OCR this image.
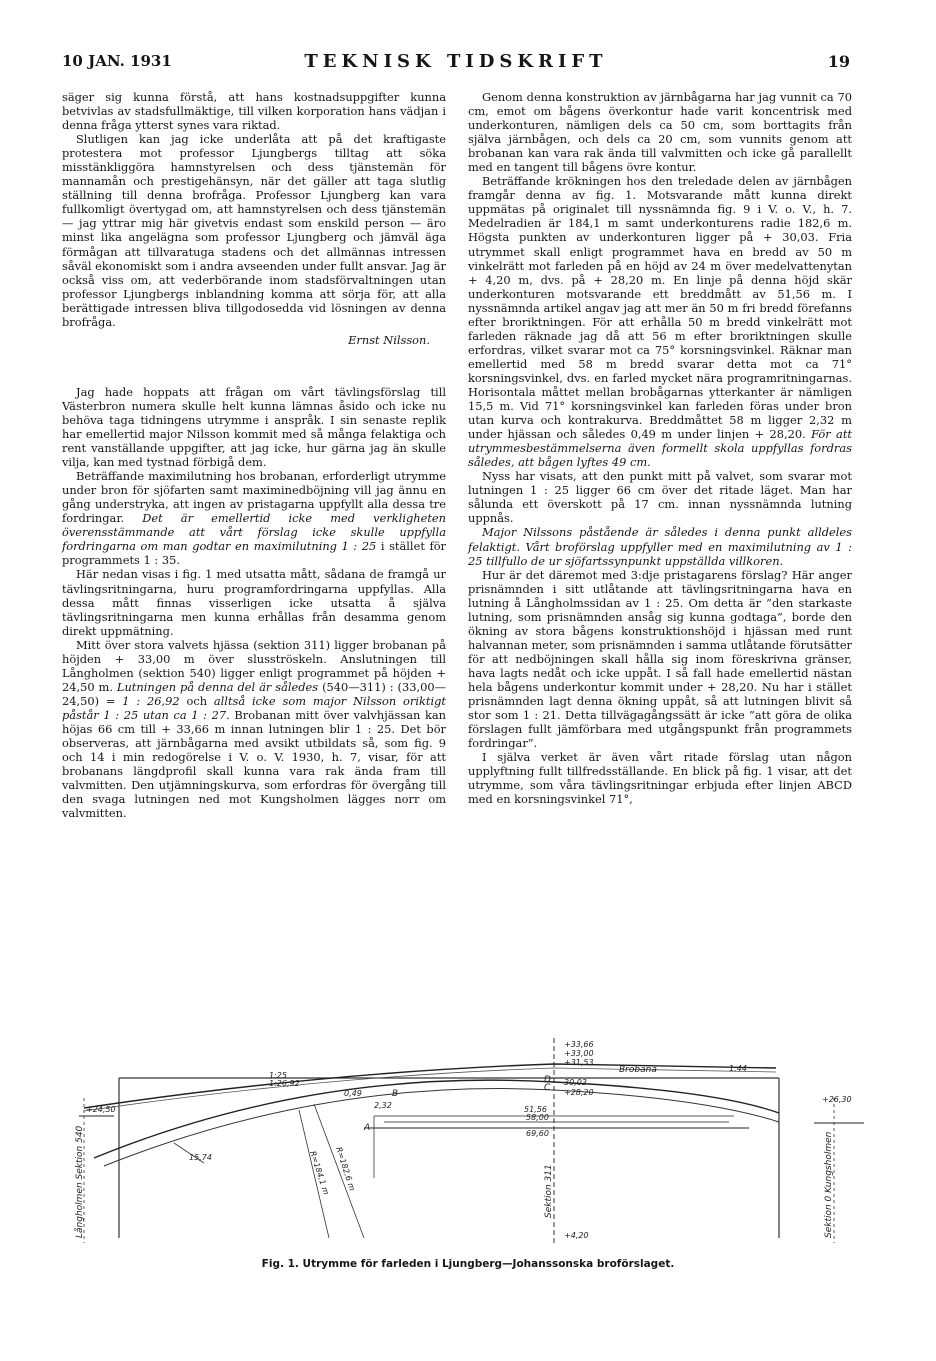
10 JAN. 1931	TEKNISK TIDSKRIFT	19

säger sig kunna förstå, att hans kostnadsuppgifter kunna betvivlas av stadsfullmäktige, till vilken korporation hans vädjan i denna fråga ytterst synes vara riktad.

Slutligen kan jag icke underlåta att på det kraftigaste protestera mot professor Ljungbergs tilltag att söka misstänkliggöra hamnstyrelsen och dess tjänstemän för mannamån och prestigehänsyn, när det gäller att taga slutlig ställning till denna brofråga. Professor Ljungberg kan vara fullkomligt övertygad om, att hamnstyrelsen och dess tjänstemän — jag yttrar mig här givetvis endast som enskild person — äro minst lika angelägna som professor Ljungberg och jämväl äga förmågan att tillvaratuga stadens och det allmännas intressen såväl ekonomiskt som i andra avseenden under fullt ansvar. Jag är också viss om, att vederbörande inom stadsförvaltningen utan professor Ljungbergs inblandning komma att sörja för, att alla berättigade intressen bliva tillgodosedda vid lösningen av denna brofråga.

Ernst Nilsson.

Jag hade hoppats att frågan om vårt tävlingsförslag till Västerbron numera skulle helt kunna lämnas åsido och icke nu behöva taga tidningens utrymme i anspråk. I sin senaste replik har emellertid major Nilsson kommit med så många felaktiga och rent vanställande uppgifter, att jag icke, hur gärna jag än skulle vilja, kan med tystnad förbigå dem.

Beträffande maximilutning hos brobanan, erforderligt utrymme under bron för sjöfarten samt maximinedböjning vill jag ännu en gång understryka, att ingen av pristagarna uppfyllt alla dessa tre fordringar. Det är emellertid icke med verkligheten överensstämmande att vårt förslag icke skulle uppfylla fordringarna om man godtar en maximilutning 1 : 25 i stället för programmets 1 : 35.

Här nedan visas i fig. 1 med utsatta mått, sådana de framgå ur tävlingsritningarna, huru programfordringarna uppfyllas. Alla dessa mått finnas visserligen icke utsatta å själva tävlingsritningarna men kunna erhållas från desamma genom direkt uppmätning.

Mitt över stora valvets hjässa (sektion 311) ligger brobanan på höjden + 33,00 m över slusströskeln. Anslutningen till Långholmen (sektion 540) ligger enligt programmet på höjden + 24,50 m. Lutningen på denna del är således (540—311) : (33,00—24,50) = 1 : 26,92 och alltså icke som major Nilsson oriktigt påstår 1 : 25 utan ca 1 : 27. Brobanan mitt över valvhjässan kan höjas 66 cm till + 33,66 m innan lutningen blir 1 : 25. Det bör observeras, att järnbågarna med avsikt utbildats så, som fig. 9 och 14 i min redogörelse i V. o. V. 1930, h. 7, visar, för att brobanans längdprofil skall kunna vara rak ända fram till valvmitten. Den utjämningskurva, som erfordras för övergång till den svaga lutningen ned mot Kungsholmen lägges norr om valvmitten.

Genom denna konstruktion av järnbågarna har jag vunnit ca 70 cm, emot om bågens överkontur hade varit koncentrisk med underkonturen, nämligen dels ca 50 cm, som borttagits från själva järnbågen, och dels ca 20 cm, som vunnits genom att brobanan kan vara rak ända till valvmitten och icke gå parallellt med en tangent till bågens övre kontur.

Beträffande krökningen hos den treledade delen av järnbågen framgår denna av fig. 1. Motsvarande mått kunna direkt uppmätas på originalet till nyssnämnda fig. 9 i V. o. V., h. 7. Medelradien är 184,1 m samt underkonturens radie 182,6 m. Högsta punkten av underkonturen ligger på + 30,03. Fria utrymmet skall enligt programmet hava en bredd av 50 m vinkelrätt mot farleden på en höjd av 24 m över medelvattenytan + 4,20 m, dvs. på + 28,20 m. En linje på denna höjd skär underkonturen motsvarande ett breddmått av 51,56 m. I nyssnämnda artikel angav jag att mer än 50 m fri bredd förefanns efter broriktningen. För att erhålla 50 m bredd vinkelrätt mot farleden räknade jag då att 56 m efter broriktningen skulle erfordras, vilket svarar mot ca 75° korsningsvinkel. Räknar man emellertid med 58 m bredd svarar detta mot ca 71° korsningsvinkel, dvs. en farled mycket nära programritningarnas. Horisontala måttet mellan brobågarnas ytterkanter är nämligen 15,5 m. Vid 71° korsningsvinkel kan farleden föras under bron utan kurva och kontrakurva. Breddmåttet 58 m ligger 2,32 m under hjässan och således 0,49 m under linjen + 28,20. För att utrymmesbestämmelserna även formellt skola uppfyllas fordras således, att bågen lyftes 49 cm.

Nyss har visats, att den punkt mitt på valvet, som svarar mot lutningen 1 : 25 ligger 66 cm över det ritade läget. Man har sålunda ett överskott på 17 cm. innan nyssnämnda lutning uppnås.

Major Nilssons påstående är således i denna punkt alldeles felaktigt. Vårt broförslag uppfyller med en maximilutning av 1 : 25 tillfullo de ur sjöfartssynpunkt uppställda villkoren.

Hur är det däremot med 3:dje pristagarens förslag? Här anger prisnämnden i sitt utlåtande att tävlingsritningarna hava en lutning å Långholmssidan av 1 : 25. Om detta är ”den starkaste lutning, som prisnämnden ansåg sig kunna godtaga”, borde den ökning av stora bågens konstruktionshöjd i hjässan med runt halvannan meter, som prisnämnden i samma utlåtande förutsätter för att nedböjningen skall hålla sig inom föreskrivna gränser, hava lagts nedåt och icke uppåt. I så fall hade emellertid nästan hela bågens underkontur kommit under + 28,20. Nu har i stället prisnämnden lagt denna ökning uppåt, så att lutningen blivit så stor som 1 : 21. Detta tillvägagångssätt är icke ”att göra de olika förslagen fullt jämförbara med utgångspunkt från programmets fordringar”.

I själva verket är även vårt ritade förslag utan någon upplyftning fullt tillfredsställande. En blick på fig. 1 visar, att det utrymme, som våra tävlingsritningar erbjuda efter linjen ABCD med en korsningsvinkel 71°,

Brobana
1:25
1:26,92
1:44
+33,66
+33,00
+31,53
30,03
+28,20
+24,50
+26,30
+4,20
51,56
58,00
69,60
0,49
2,32
A
B
C
D
15,74	R=182,6 m
R=184,1 m
Långholmen Sektion 540	Sektion 311	Sektion 0 Kungsholmen
Fig. 1. Utrymme för farleden i Ljungberg—Johanssonska broförslaget.
